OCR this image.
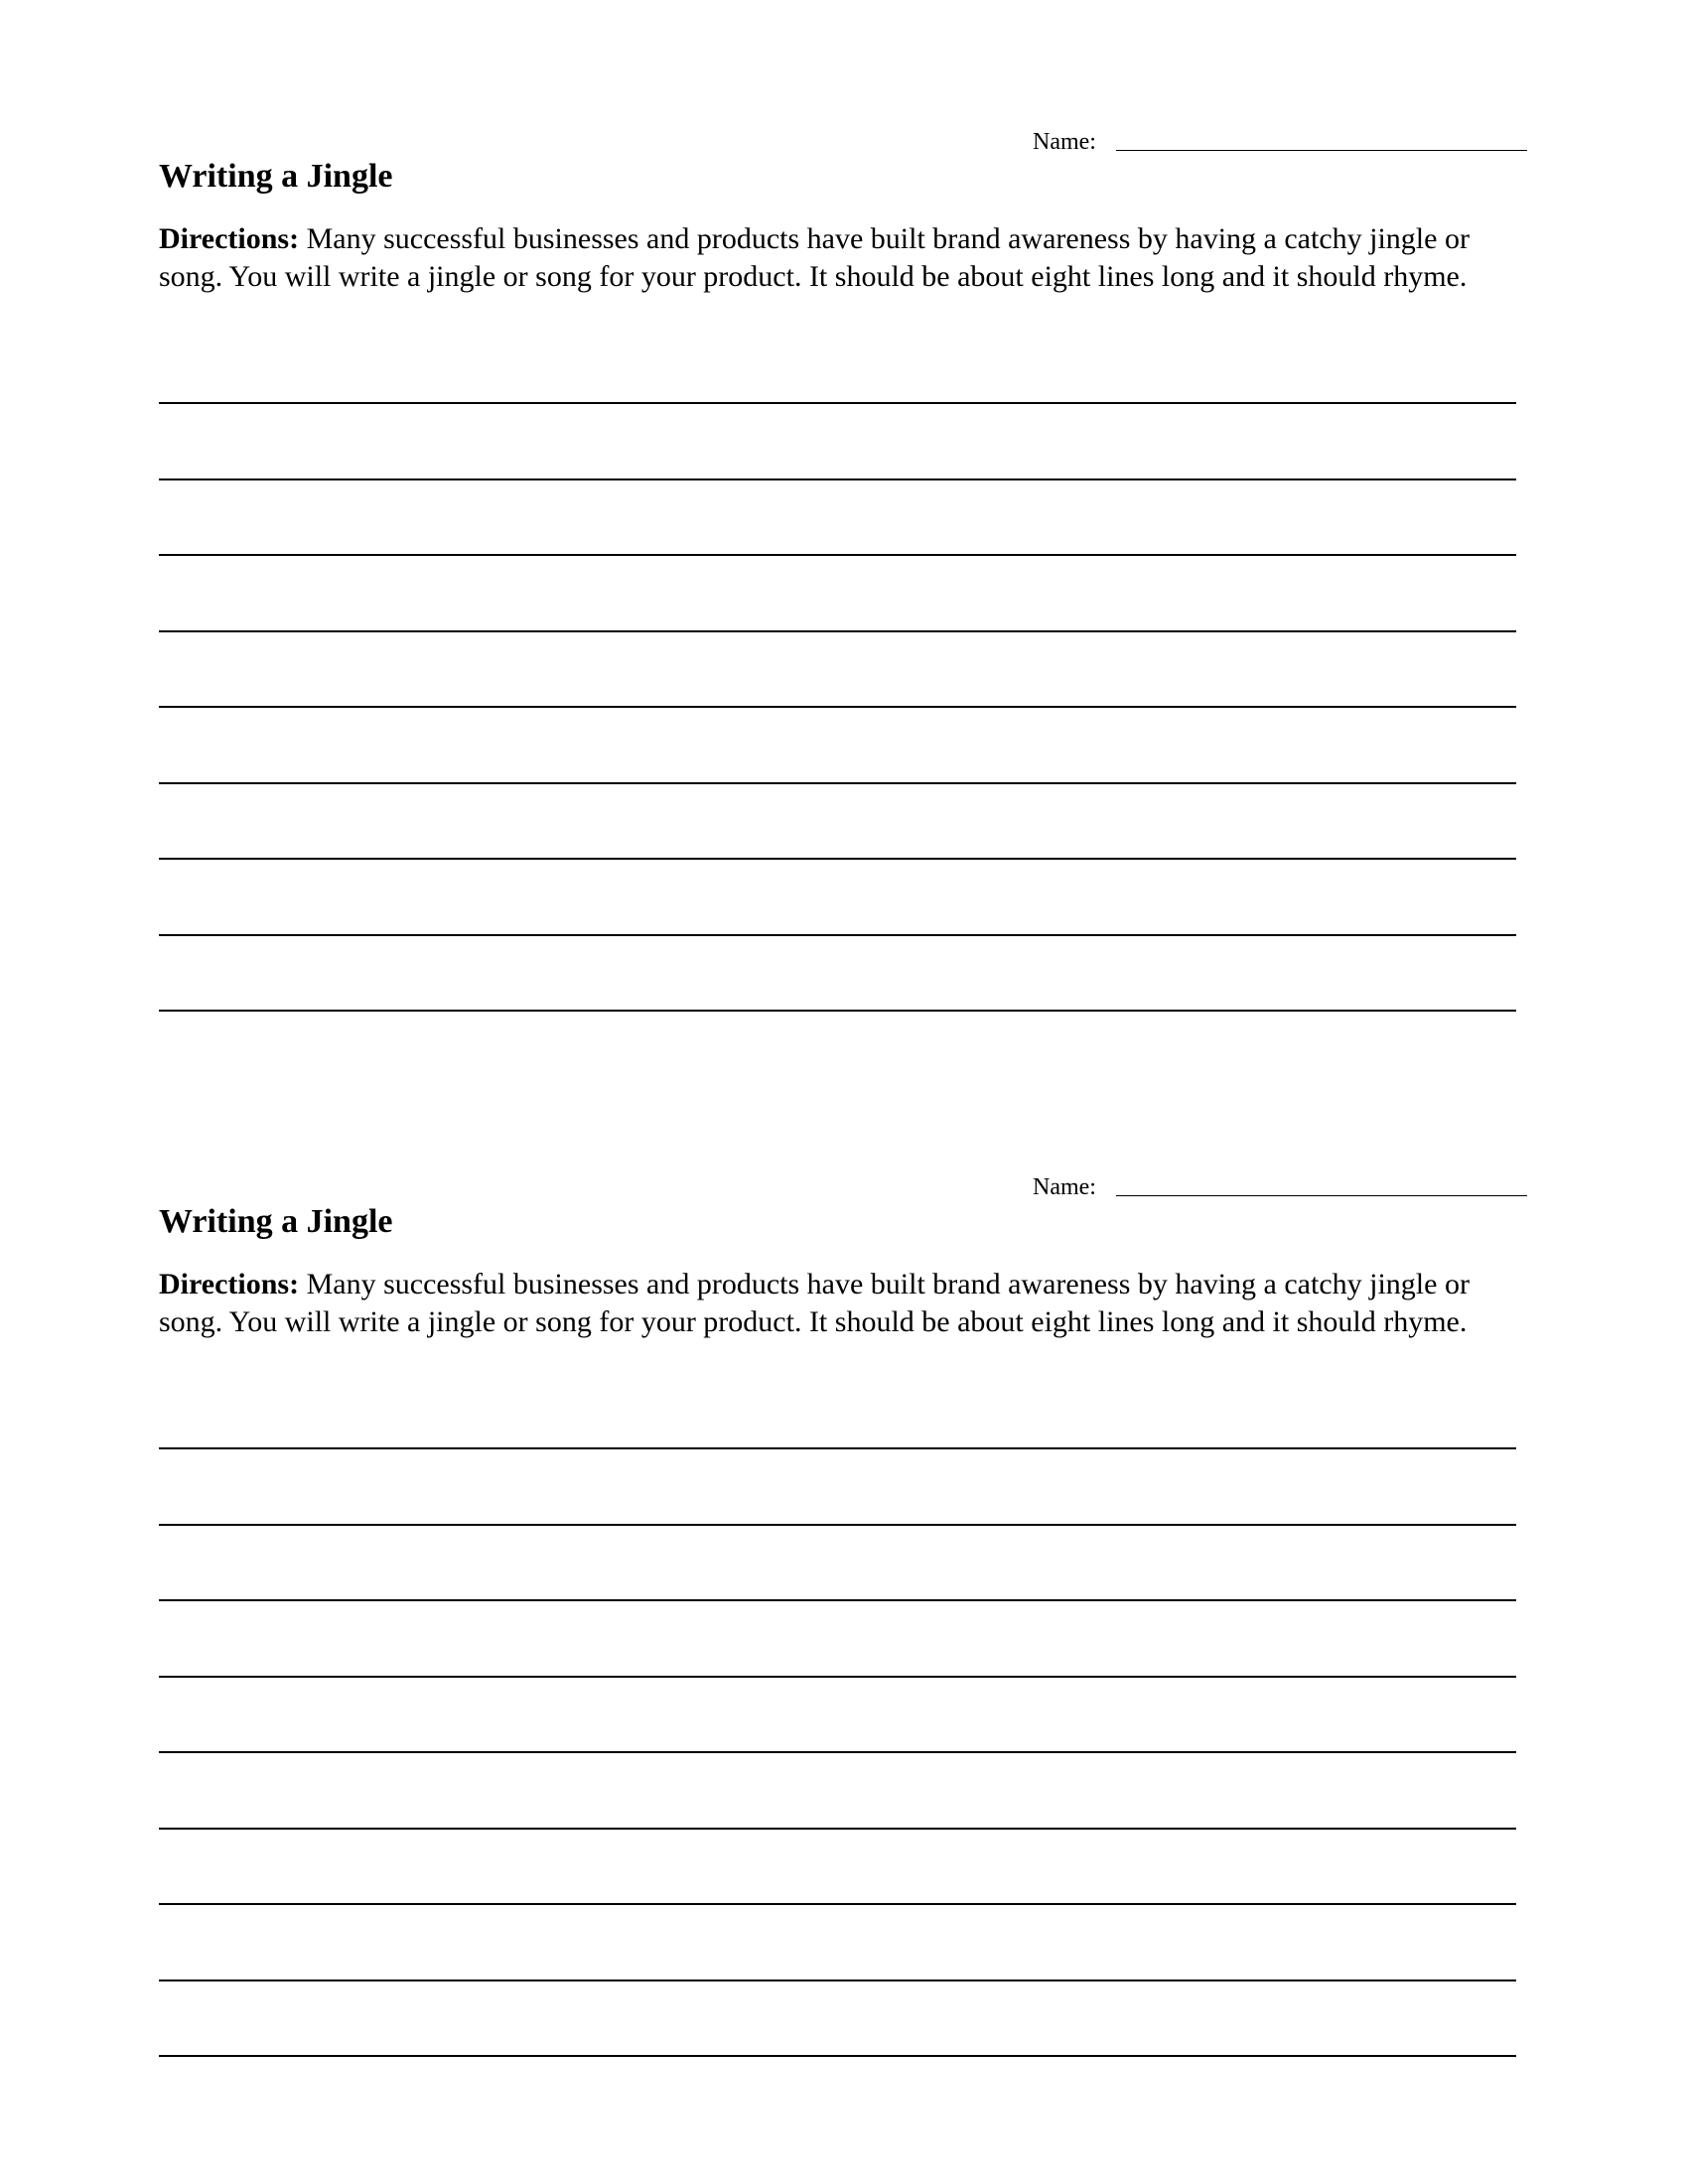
Name:
Writing a Jingle

Directions: Many successful businesses and products have built brand awareness by having a catchy jingle or song. You will write a jingle or song for your product. It should be about eight lines long and it should rhyme.

Name:
Writing a Jingle

Directions: Many successful businesses and products have built brand awareness by having a catchy jingle or song. You will write a jingle or song for your product. It should be about eight lines long and it should rhyme.
